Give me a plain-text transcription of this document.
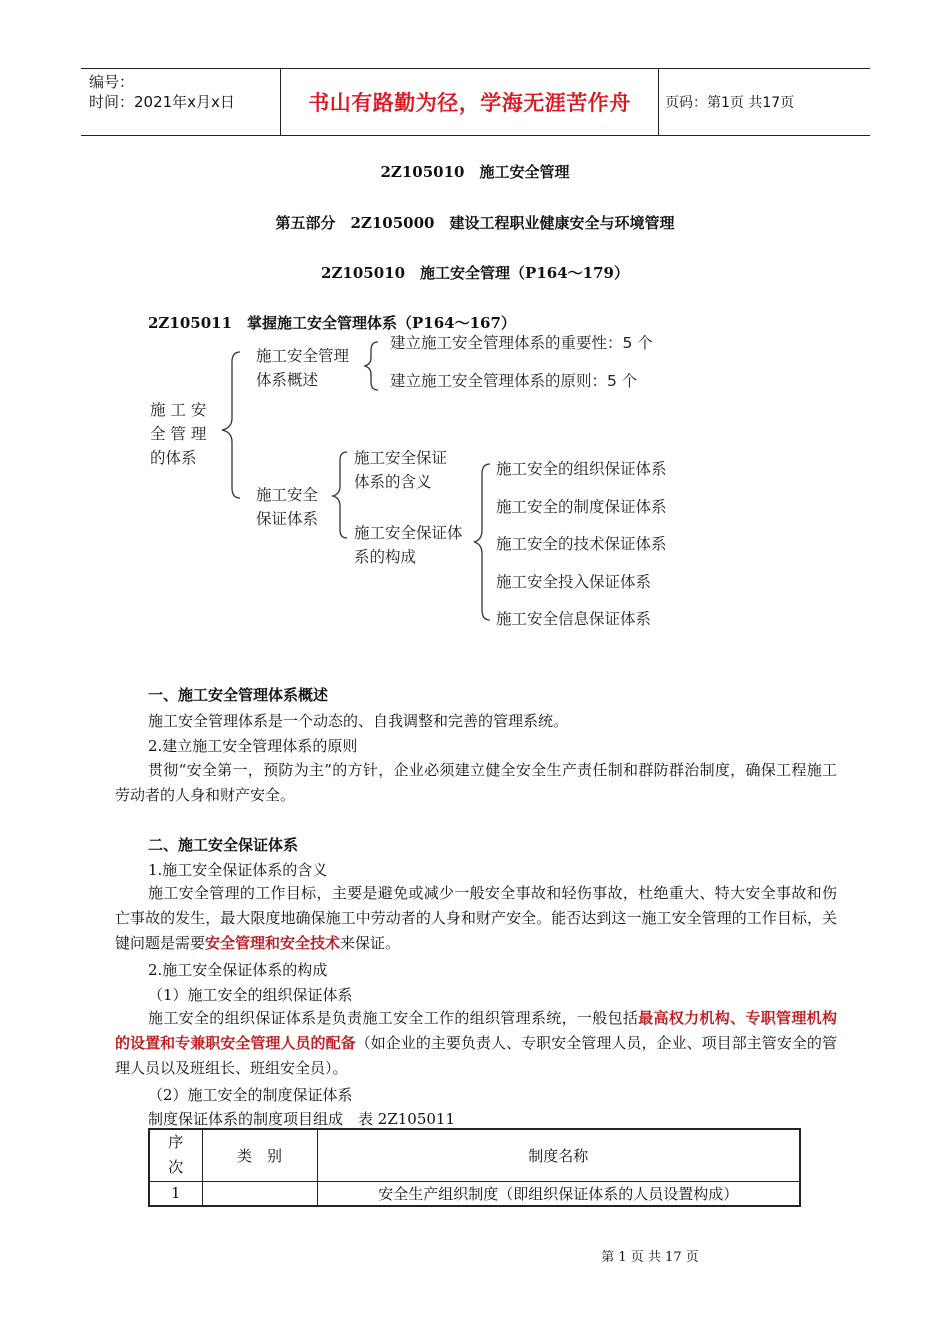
编号：
时间：2021年x月x日	书山有路勤为径，学海无涯苦作舟	页码：第1页 共17页
2Z105010　施工安全管理
第五部分　2Z105000　建设工程职业健康安全与环境管理
2Z105010　施工安全管理（P164～179）
2Z105011　掌握施工安全管理体系（P164～167）
施 工 安
全 管 理
的体系
施工安全管理
体系概述
建立施工安全管理体系的重要性：5 个
建立施工安全管理体系的原则：5 个
施工安全
保证体系
施工安全保证
体系的含义
施工安全保证体
系的构成
施工安全的组织保证体系
施工安全的制度保证体系
施工安全的技术保证体系
施工安全投入保证体系
施工安全信息保证体系
一、施工安全管理体系概述
施工安全管理体系是一个动态的、自我调整和完善的管理系统。
2.建立施工安全管理体系的原则
贯彻“安全第一，预防为主”的方针，企业必须建立健全安全生产责任制和群防群治制度，确保工程施工劳动者的人身和财产安全。
二、施工安全保证体系
1.施工安全保证体系的含义
施工安全管理的工作目标，主要是避免或减少一般安全事故和轻伤事故，杜绝重大、特大安全事故和伤亡事故的发生，最大限度地确保施工中劳动者的人身和财产安全。能否达到这一施工安全管理的工作目标，关键问题是需要安全管理和安全技术来保证。
2.施工安全保证体系的构成
（1）施工安全的组织保证体系
施工安全的组织保证体系是负责施工安全工作的组织管理系统，一般包括最高权力机构、专职管理机构的设置和专兼职安全管理人员的配备（如企业的主要负责人、专职安全管理人员，企业、项目部主管安全的管理人员以及班组长、班组安全员）。
（2）施工安全的制度保证体系
制度保证体系的制度项目组成　表 2Z105011
序次	类　别	制度名称
1		安全生产组织制度（即组织保证体系的人员设置构成）
第 1 页 共 17 页
